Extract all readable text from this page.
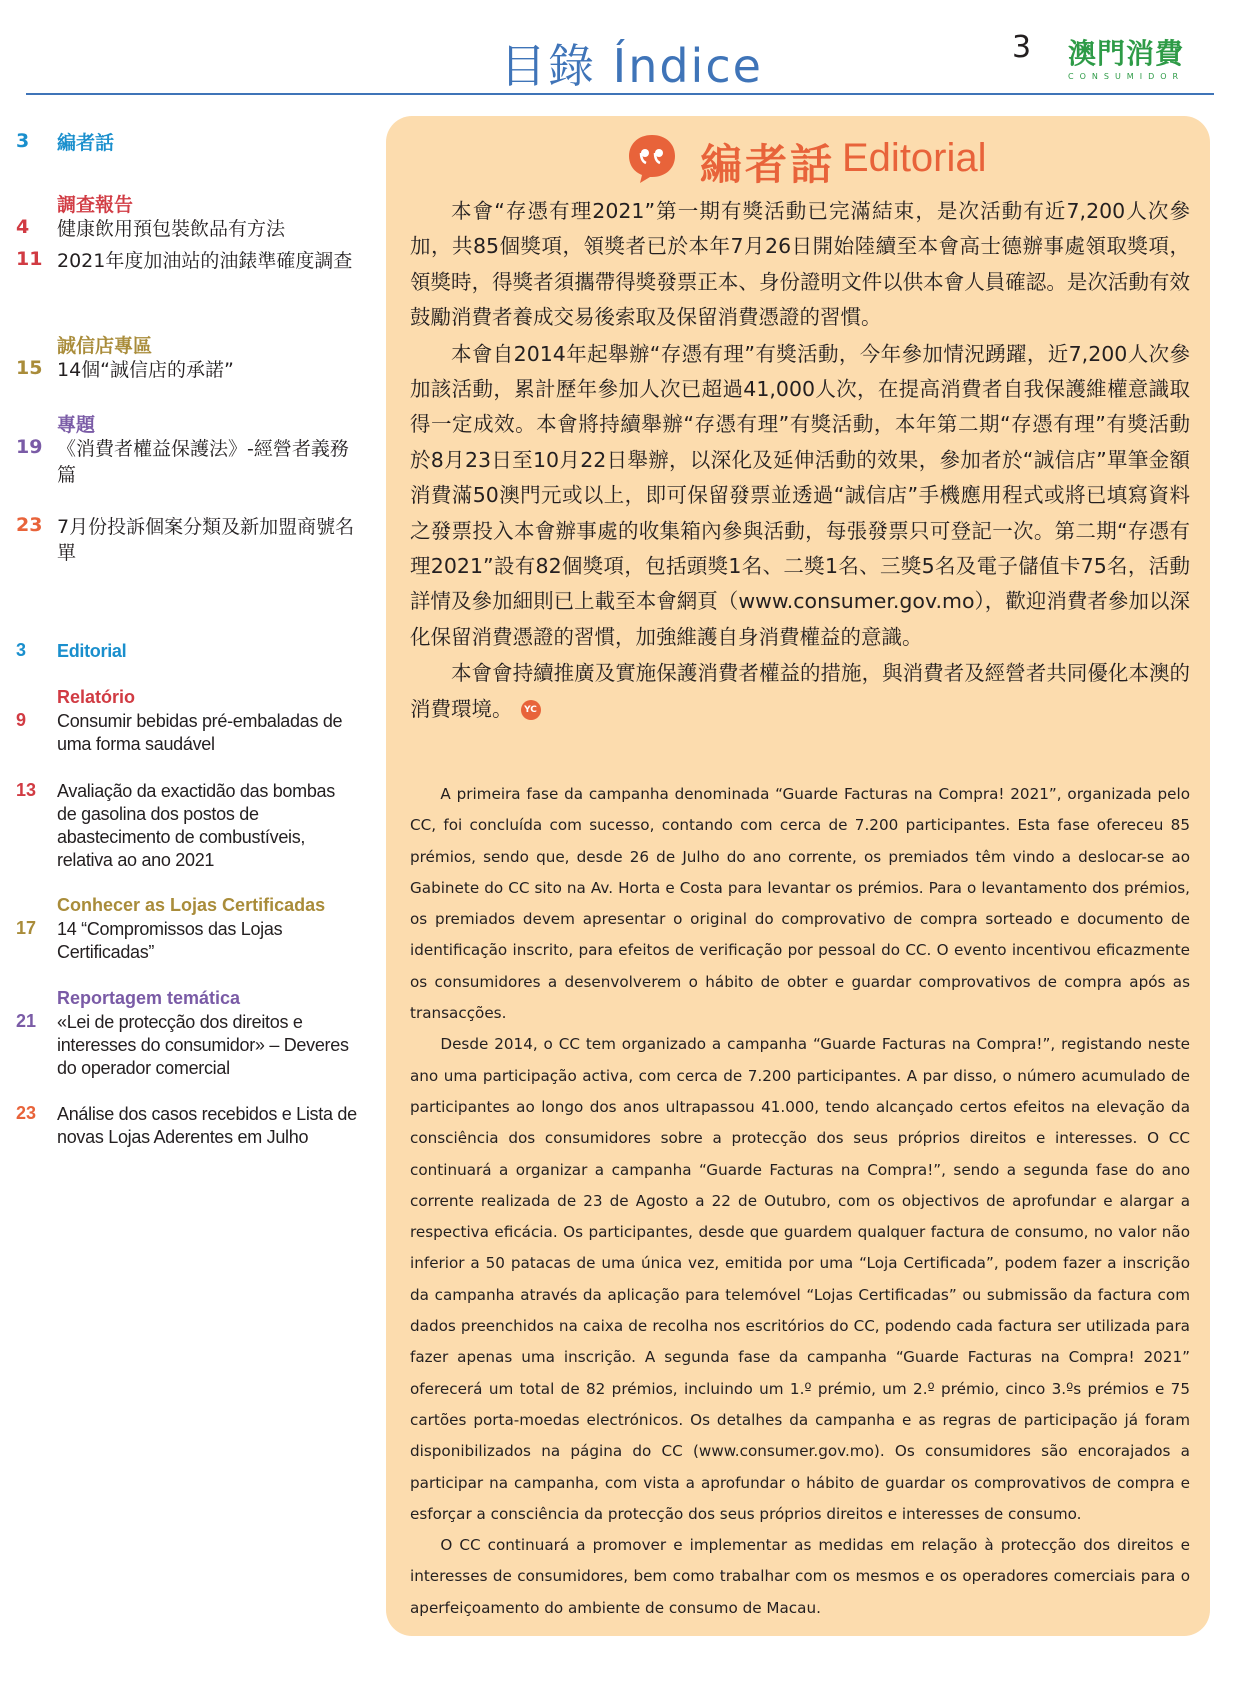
目錄 Índice	3 澳門消費
CONSUMIDOR
3	編者話
調查報告
4	健康飲用預包裝飲品有方法
11 2021年度加油站的油錶準確度調查
誠信店專區
15 14個“誠信店的承諾”
專題
19 《消費者權益保護法》-經營者義務篇
23 7月份投訴個案分類及新加盟商號名單
3	Editorial
Relatório
9	Consumir bebidas pré-embaladas de uma forma saudável
13	Avaliação da exactidão das bombas de gasolina dos postos de abastecimento de combustíveis, relativa ao ano 2021
Conhecer as Lojas Certificadas
17	14 “Compromissos das Lojas Certificadas”
Reportagem temática
21	«Lei de protecção dos direitos e interesses do consumidor» – Deveres do operador comercial
23	Análise dos casos recebidos e Lista de novas Lojas Aderentes em Julho
編者話 Editorial

本會“存憑有理2021”第一期有獎活動已完滿結束，是次活動有近7,200人次參加，共85個獎項，領獎者已於本年7月26日開始陸續至本會高士德辦事處領取獎項，領獎時，得獎者須攜帶得獎發票正本、身份證明文件以供本會人員確認。是次活動有效鼓勵消費者養成交易後索取及保留消費憑證的習慣。

本會自2014年起舉辦“存憑有理”有獎活動，今年參加情況踴躍，近7,200人次參加該活動，累計歷年參加人次已超過41,000人次，在提高消費者自我保護維權意識取得一定成效。本會將持續舉辦“存憑有理”有獎活動，本年第二期“存憑有理”有獎活動於8月23日至10月22日舉辦，以深化及延伸活動的效果，參加者於“誠信店”單筆金額消費滿50澳門元或以上，即可保留發票並透過“誠信店”手機應用程式或將已填寫資料之發票投入本會辦事處的收集箱內參與活動，每張發票只可登記一次。第二期“存憑有理2021”設有82個獎項，包括頭獎1名、二獎1名、三獎5名及電子儲值卡75名，活動詳情及參加細則已上載至本會網頁（www.consumer.gov.mo），歡迎消費者參加以深化保留消費憑證的習慣，加強維護自身消費權益的意識。

本會會持續推廣及實施保護消費者權益的措施，與消費者及經營者共同優化本澳的消費環境。 YC

A primeira fase da campanha denominada “Guarde Facturas na Compra! 2021”, organizada pelo CC, foi concluída com sucesso, contando com cerca de 7.200 participantes. Esta fase ofereceu 85 prémios, sendo que, desde 26 de Julho do ano corrente, os premiados têm vindo a deslocar-se ao Gabinete do CC sito na Av. Horta e Costa para levantar os prémios. Para o levantamento dos prémios, os premiados devem apresentar o original do comprovativo de compra sorteado e documento de identificação inscrito, para efeitos de verificação por pessoal do CC. O evento incentivou eficazmente os consumidores a desenvolverem o hábito de obter e guardar comprovativos de compra após as transacções.

Desde 2014, o CC tem organizado a campanha “Guarde Facturas na Compra!”, registando neste ano uma participação activa, com cerca de 7.200 participantes. A par disso, o número acumulado de participantes ao longo dos anos ultrapassou 41.000, tendo alcançado certos efeitos na elevação da consciência dos consumidores sobre a protecção dos seus próprios direitos e interesses. O CC continuará a organizar a campanha “Guarde Facturas na Compra!”, sendo a segunda fase do ano corrente realizada de 23 de Agosto a 22 de Outubro, com os objectivos de aprofundar e alargar a respectiva eficácia. Os participantes, desde que guardem qualquer factura de consumo, no valor não inferior a 50 patacas de uma única vez, emitida por uma “Loja Certificada”, podem fazer a inscrição da campanha através da aplicação para telemóvel “Lojas Certificadas” ou submissão da factura com dados preenchidos na caixa de recolha nos escritórios do CC, podendo cada factura ser utilizada para fazer apenas uma inscrição. A segunda fase da campanha “Guarde Facturas na Compra! 2021” oferecerá um total de 82 prémios, incluindo um 1.º prémio, um 2.º prémio, cinco 3.ºs prémios e 75 cartões porta-moedas electrónicos. Os detalhes da campanha e as regras de participação já foram disponibilizados na página do CC (www.consumer.gov.mo). Os consumidores são encorajados a participar na campanha, com vista a aprofundar o hábito de guardar os comprovativos de compra e esforçar a consciência da protecção dos seus próprios direitos e interesses de consumo.

O CC continuará a promover e implementar as medidas em relação à protecção dos direitos e interesses de consumidores, bem como trabalhar com os mesmos e os operadores comerciais para o aperfeiçoamento do ambiente de consumo de Macau.
